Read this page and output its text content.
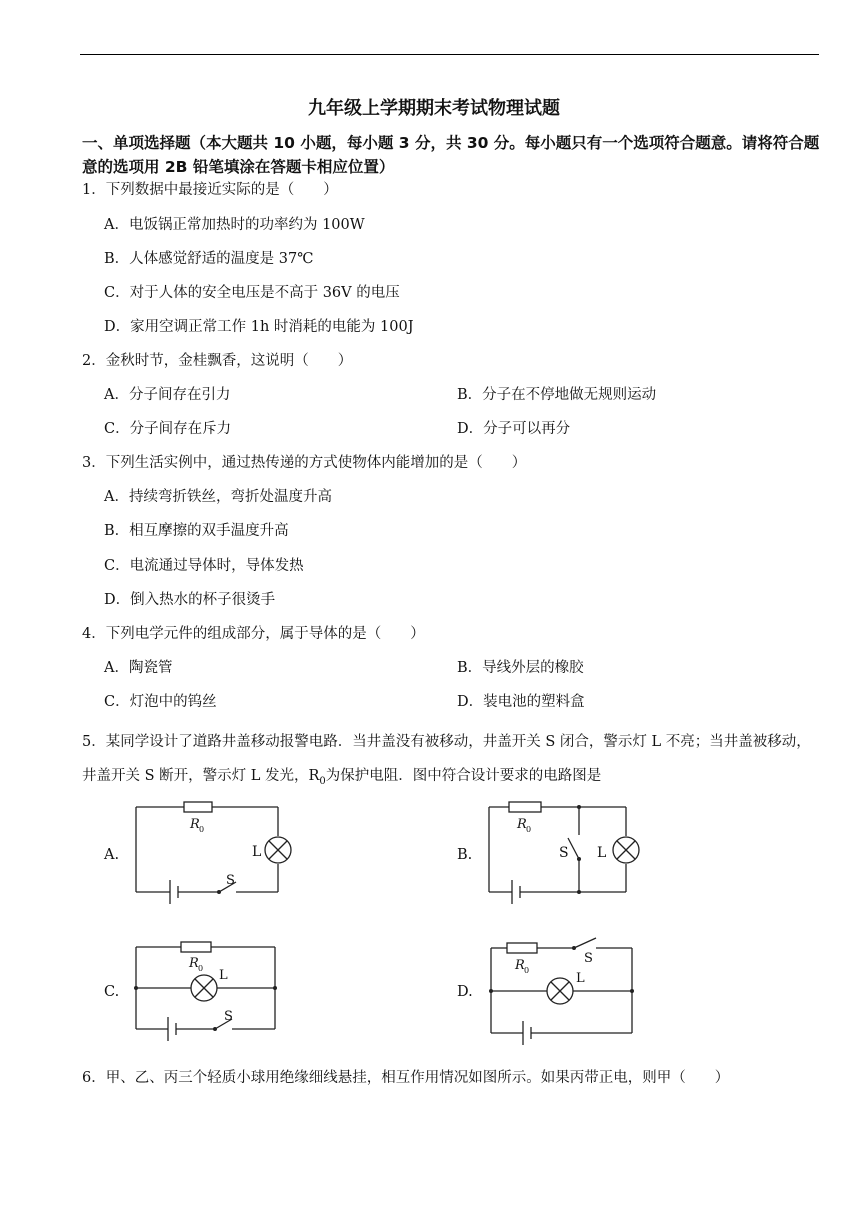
九年级上学期期末考试物理试题
一、单项选择题（本大题共 10 小题，每小题 3 分，共 30 分。每小题只有一个选项符合题意。请将符合题意的选项用 2B 铅笔填涂在答题卡相应位置）
1．下列数据中最接近实际的是（　　）
A．电饭锅正常加热时的功率约为 100W
B．人体感觉舒适的温度是 37℃
C．对于人体的安全电压是不高于 36V 的电压
D．家用空调正常工作 1h 时消耗的电能为 100J
2．金秋时节，金桂飘香，这说明（　　）
A．分子间存在引力	B．分子在不停地做无规则运动
C．分子间存在斥力	D．分子可以再分
3．下列生活实例中，通过热传递的方式使物体内能增加的是（　　）
A．持续弯折铁丝，弯折处温度升高
B．相互摩擦的双手温度升高
C．电流通过导体时，导体发热
D．倒入热水的杯子很烫手
4．下列电学元件的组成部分，属于导体的是（　　）
A．陶瓷管	B．导线外层的橡胶
C．灯泡中的钨丝	D．装电池的塑料盒
5．某同学设计了道路井盖移动报警电路．当井盖没有被移动，井盖开关 S 闭合，警示灯 L 不亮；当井盖被移动，井盖开关 S 断开，警示灯 L 发光，$R_0$为保护电阻．图中符合设计要求的电路图是
A.	B.
C.	D.
R 0
L
S
R 0
S L
R 0 L
S
R 0
S
L
6．甲、乙、丙三个轻质小球用绝缘细线悬挂，相互作用情况如图所示。如果丙带正电，则甲（　　）
